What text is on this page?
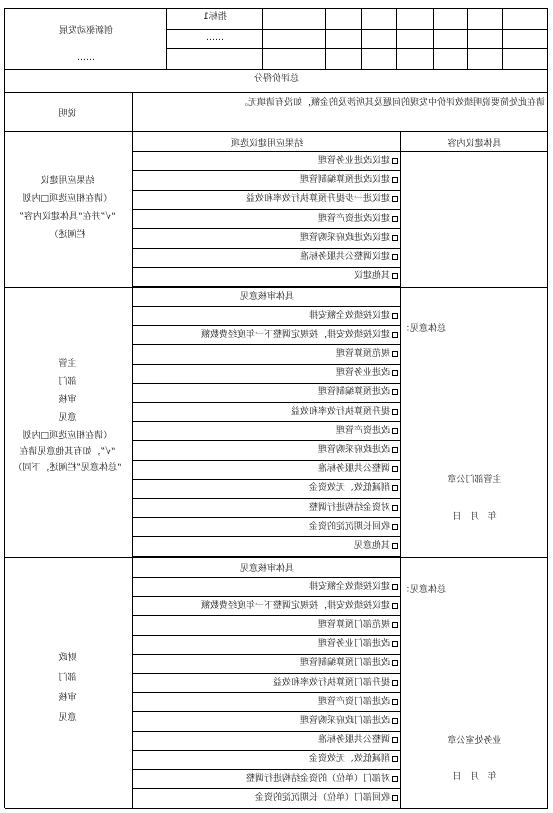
创新驱动发展
……
指标1
……
总评价得分
说明
请在此处简要说明绩效评价中发现的问题及其所涉及的金额，如没有请填无。
结果应用建议
（请在相应选项□内划
“√”并在“具体建议内容”
栏阐述）
结果应用建议选项	具体建议内容
建议改进业务管理
建议改进预算编制管理
建议进一步提升预算执行效率和效益
建议改进资产管理
建议改进政府采购管理
建议调整公共服务标准
其他建议
主管
部门
审核
意见
（请在相应选项□内划
“√”，如有其他意见请在
“总体意见”栏阐述，下同）
具体审核意见
建议按绩效全额安排
建议按绩效安排，按规定调整下一年度经费数额
规范预算管理
改进业务管理
改进预算编制管理
提升预算执行效率和效益
改进资产管理
改进政府采购管理
调整公共服务标准
削减低效、无效资金
对资金结构进行调整
收回长期沉淀的资金
其他意见
总体意见：
主管部门公章
年   月   日
财政
部门
审核
意见
具体审核意见
建议按绩效全额安排
建议按绩效安排，按规定调整下一年度经费数额
规范部门预算管理
改进部门业务管理
改进部门预算编制管理
提升部门预算执行效率和效益
改进部门资产管理
改进部门政府采购管理
调整公共服务标准
削减低效、无效资金
对部门（单位）的资金结构进行调整
收回部门（单位）长期沉淀的资金
总体意见：
业务处室公章
年   月   日
